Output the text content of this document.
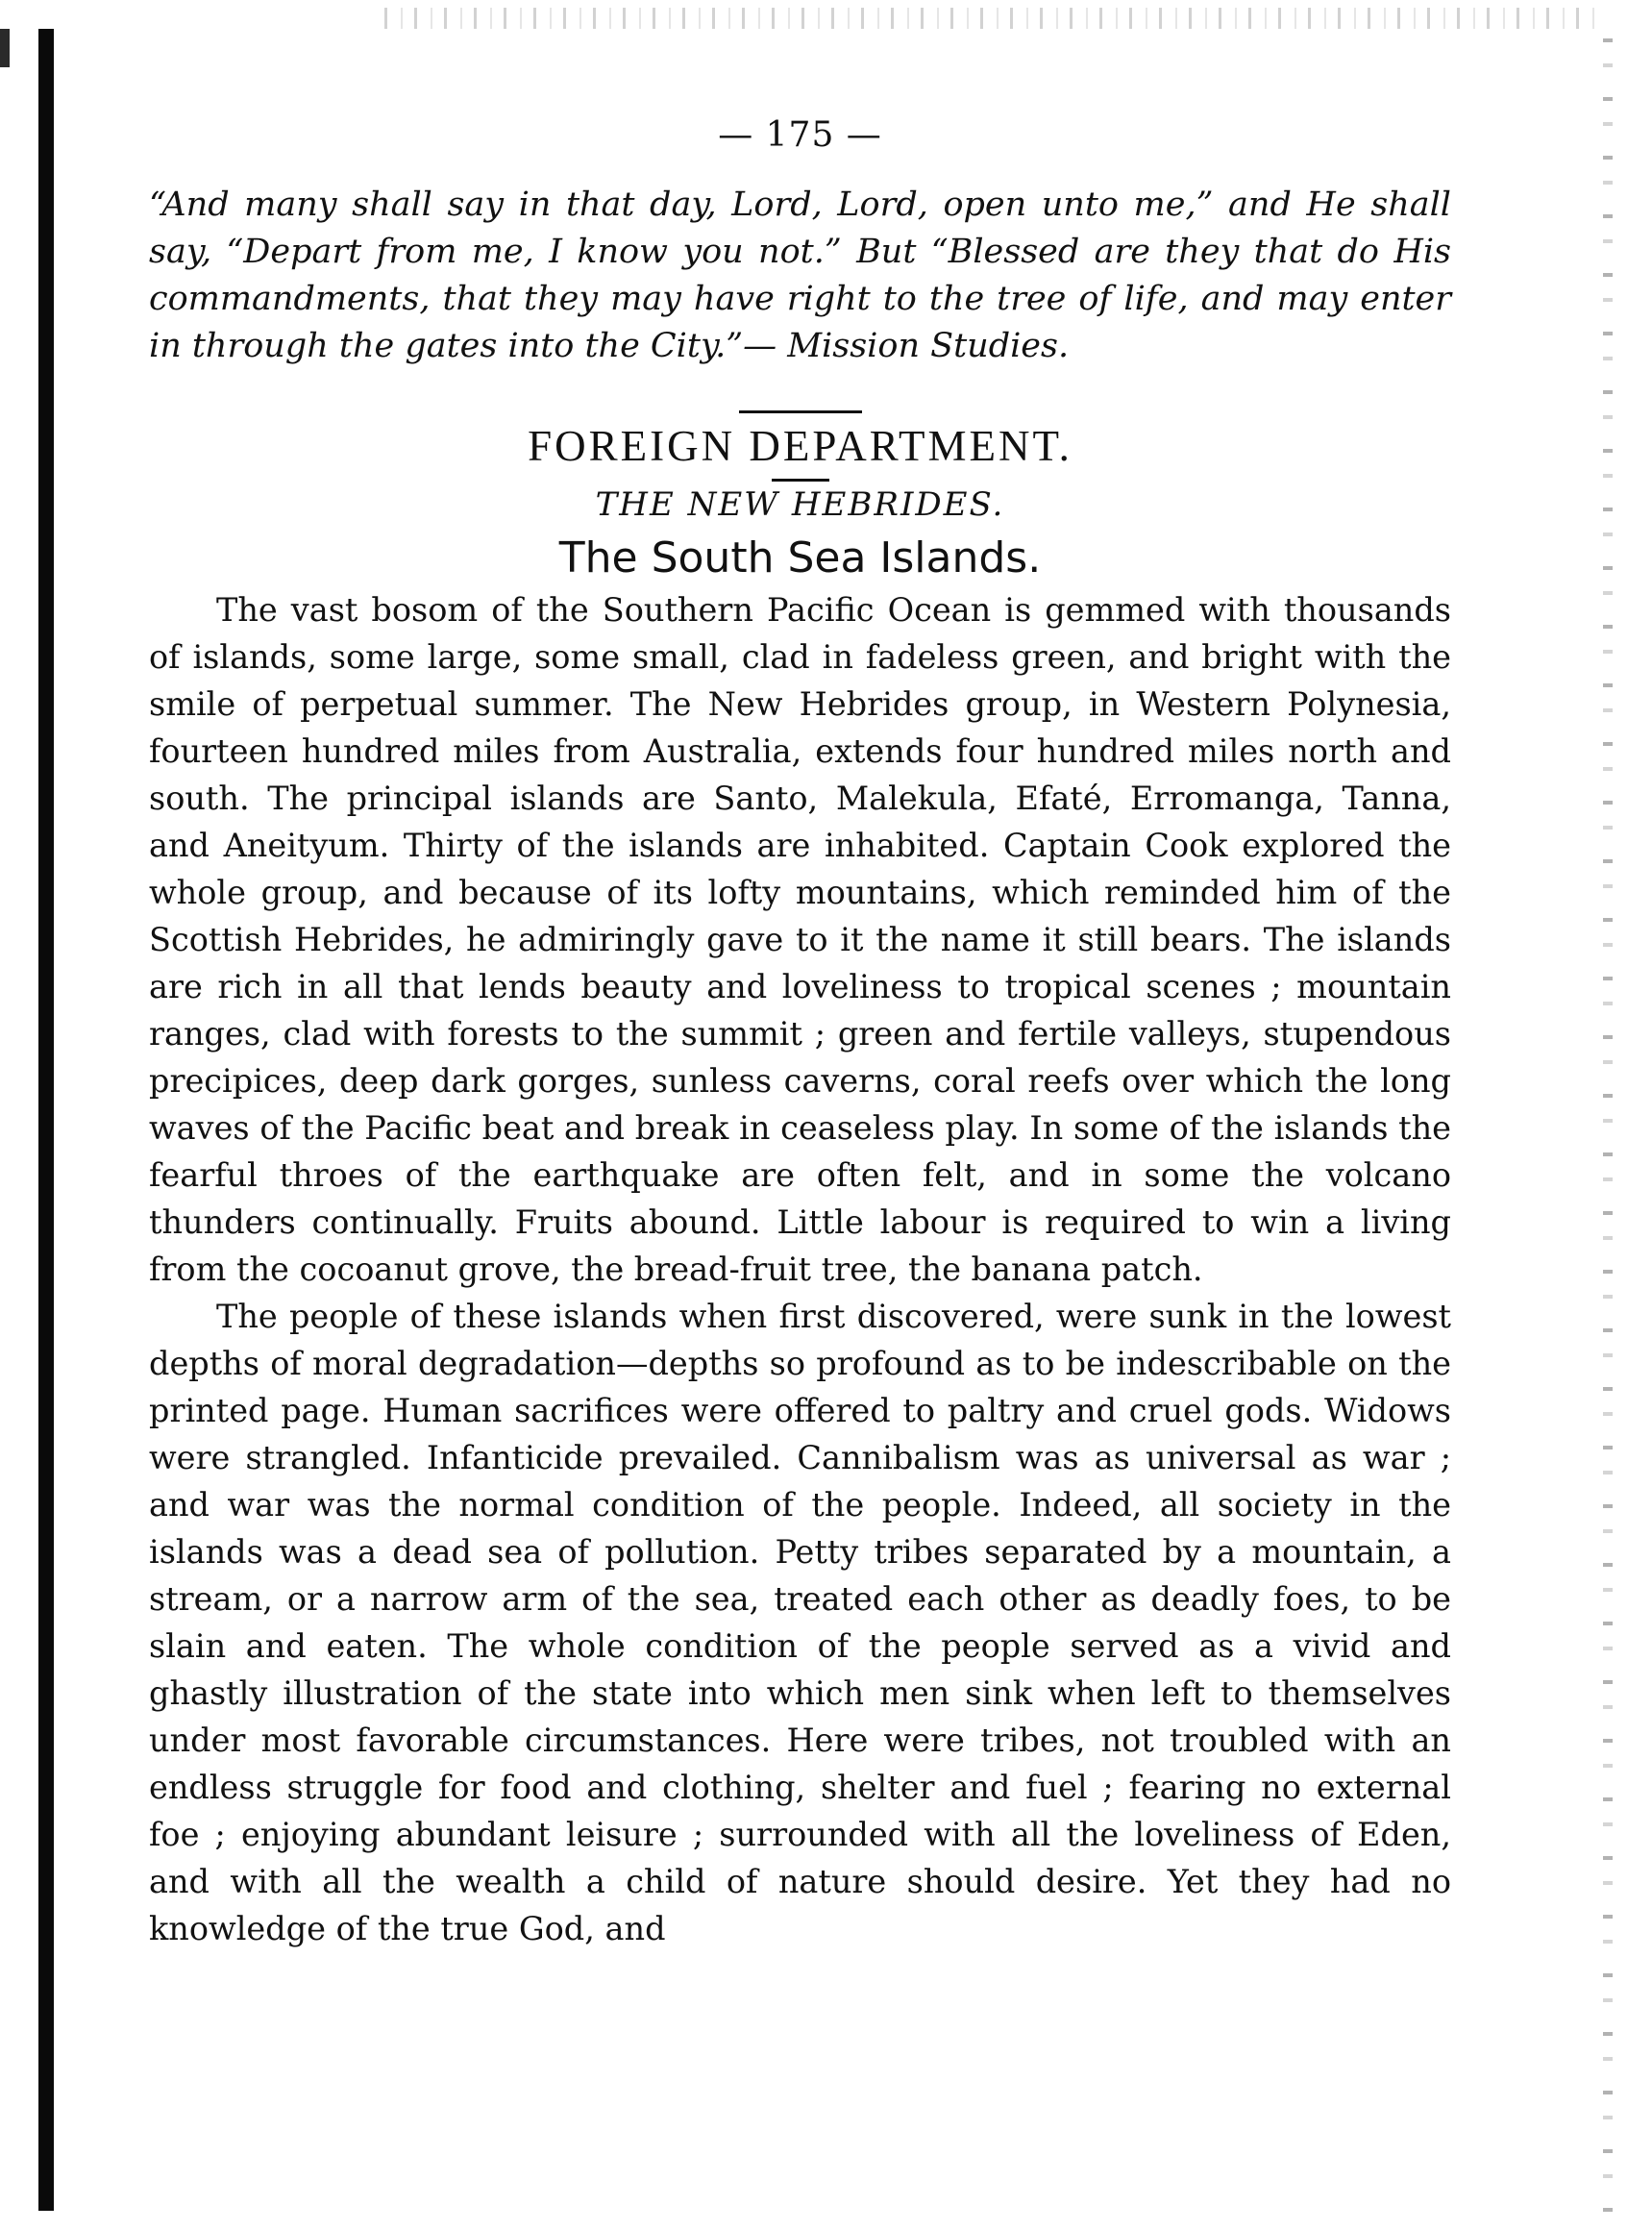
— 175 —

“And many shall say in that day, Lord, Lord, open unto me,” and He shall say, “Depart from me, I know you not.” But “Blessed are they that do His commandments, that they may have right to the tree of life, and may enter in through the gates into the City.”— Mission Studies.

FOREIGN DEPARTMENT.
THE NEW HEBRIDES.
The South Sea Islands.

The vast bosom of the Southern Pacific Ocean is gemmed with thousands of islands, some large, some small, clad in fadeless green, and bright with the smile of perpetual summer. The New Hebrides group, in Western Polynesia, fourteen hundred miles from Australia, extends four hundred miles north and south. The principal islands are Santo, Malekula, Efaté, Erromanga, Tanna, and Aneityum. Thirty of the islands are inhabited. Captain Cook explored the whole group, and because of its lofty mountains, which reminded him of the Scottish Hebrides, he admiringly gave to it the name it still bears. The islands are rich in all that lends beauty and loveliness to tropical scenes ; mountain ranges, clad with forests to the summit ; green and fertile valleys, stupendous precipices, deep dark gorges, sunless caverns, coral reefs over which the long waves of the Pacific beat and break in ceaseless play. In some of the islands the fearful throes of the earthquake are often felt, and in some the volcano thunders continually. Fruits abound. Little labour is required to win a living from the cocoanut grove, the bread-fruit tree, the banana patch.

The people of these islands when first discovered, were sunk in the lowest depths of moral degradation—depths so profound as to be indescribable on the printed page. Human sacrifices were offered to paltry and cruel gods. Widows were strangled. Infanticide prevailed. Cannibalism was as universal as war ; and war was the normal condition of the people. Indeed, all society in the islands was a dead sea of pollution. Petty tribes separated by a mountain, a stream, or a narrow arm of the sea, treated each other as deadly foes, to be slain and eaten. The whole condition of the people served as a vivid and ghastly illustration of the state into which men sink when left to themselves under most favorable circumstances. Here were tribes, not troubled with an endless struggle for food and clothing, shelter and fuel ; fearing no external foe ; enjoying abundant leisure ; surrounded with all the loveliness of Eden, and with all the wealth a child of nature should desire. Yet they had no knowledge of the true God, and
